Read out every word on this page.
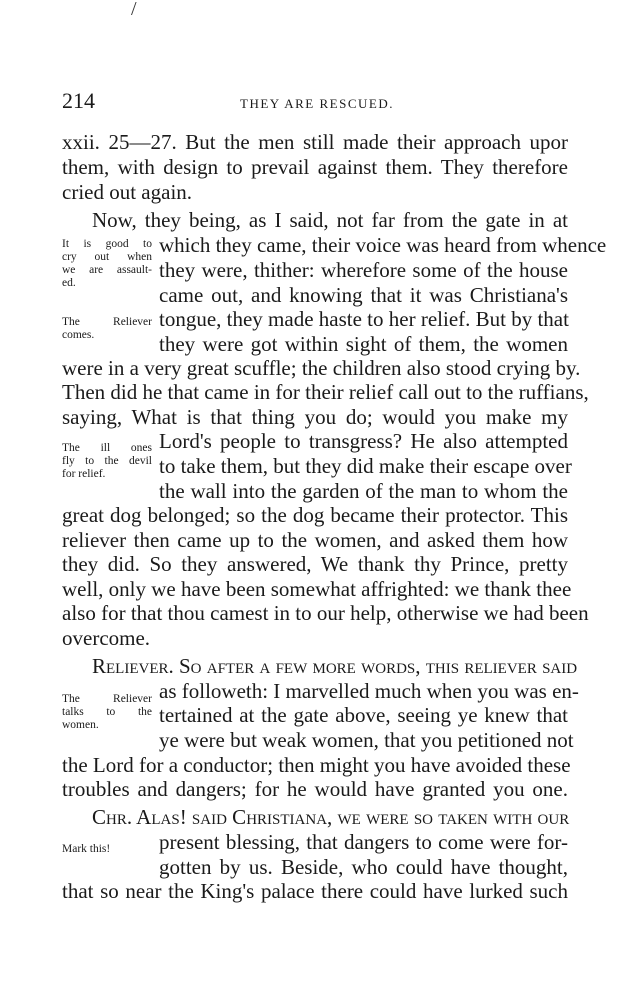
/
214	THEY ARE RESCUED.
xxii. 25—27. But the men still made their approach upor
them, with design to prevail against them. They therefore
cried out again.
Now, they being, as I said, not far from the gate in at
which they came, their voice was heard from whence
they were, thither: wherefore some of the house
came out, and knowing that it was Christiana's
tongue, they made haste to her relief. But by that
they were got within sight of them, the women
were in a very great scuffle; the children also stood crying by.
Then did he that came in for their relief call out to the ruffians,
saying, What is that thing you do; would you make my
Lord's people to transgress? He also attempted
to take them, but they did make their escape over
the wall into the garden of the man to whom the
great dog belonged; so the dog became their protector. This
reliever then came up to the women, and asked them how
they did. So they answered, We thank thy Prince, pretty
well, only we have been somewhat affrighted: we thank thee
also for that thou camest in to our help, otherwise we had been
overcome.
Reliever. So after a few more words, this reliever said
as followeth: I marvelled much when you was en-
tertained at the gate above, seeing ye knew that
ye were but weak women, that you petitioned not
the Lord for a conductor; then might you have avoided these
troubles and dangers; for he would have granted you one.
Chr. Alas! said Christiana, we were so taken with our
present blessing, that dangers to come were for-
gotten by us. Beside, who could have thought,
that so near the King's palace there could have lurked such
It is good to
cry out when
we are assault-
ed.
The Reliever
comes.
The ill ones
fly to the devil
for relief.
The Reliever
talks to the
women.
Mark this!
